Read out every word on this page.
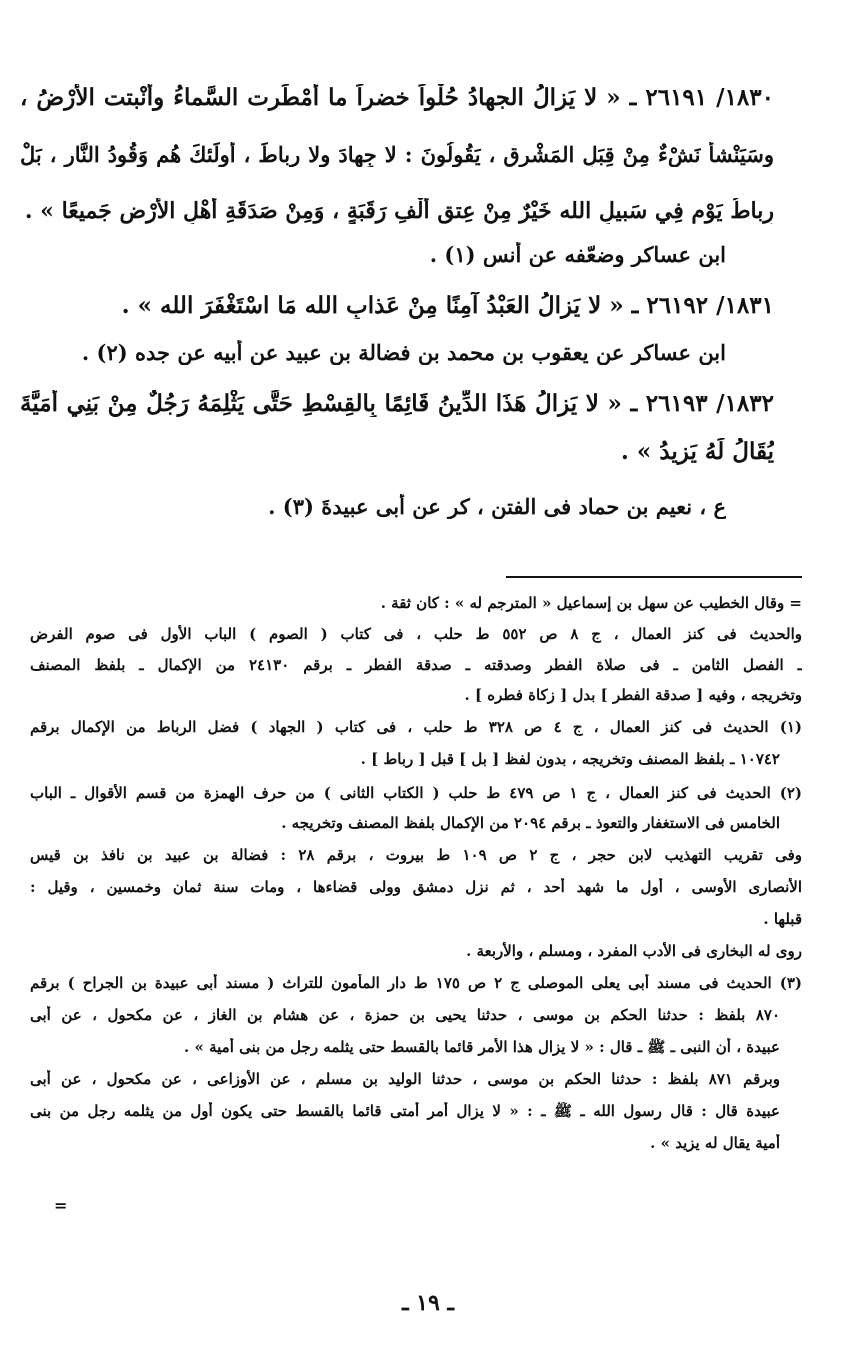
١٨٣٠/ ٢٦١٩١ ـ « لا يَزالُ الجهادُ حُلْواً خضراً ما أَمْطَرت السَّماءُ وأَنْبتت الأَرْضُ ،
وسَيَنْشأُ نَشْءٌ مِنْ قِبَلِ المَشْرِق ، يَقُولُونَ : لا جِهادَ ولا رِباطَ ، أُولَئكَ هُم وَقُودُ النَّار ، بَلْ
رِباطُ يَوْمٍ فِي سَبيلِ الله خَيْرٌ مِنْ عِتقِ أَلْفِ رَقَبَةٍ ، وَمِنْ صَدَقَةِ أَهْلِ الأَرْضِ جَميعًا » .
ابن عساكر وضعّفه عن أنس (١) .
١٨٣١/ ٢٦١٩٢ ـ « لا يَزالُ العَبْدُ آمِنًا مِنْ عَذابِ الله مَا اسْتَغْفَرَ الله » .
ابن عساكر عن يعقوب بن محمد بن فضالة بن عبيد عن أبيه عن جده (٢) .
١٨٣٢/ ٢٦١٩٣ ـ « لا يَزالُ هَذَا الدِّينُ قَائِمًا بِالقِسْطِ حَتَّى يَثْلِمَهُ رَجُلٌ مِنْ بَنِي أُمَيَّةَ
يُقَالُ لَهُ يَزيدُ » .
ع ، نعيم بن حماد فى الفتن ، كر عن أبى عبيدةَ (٣) .
= وقال الخطيب عن سهل بن إسماعيل « المترجم له » : كان ثقة .
والحديث فى كنز العمال ، ج ٨ ص ٥٥٢ ط حلب ، فى كتاب ( الصوم ) الباب الأول فى صوم الفرض
ـ الفصل الثامن ـ فى صلاة الفطر وصدقته ـ صدقة الفطر ـ برقم ٢٤١٣٠ من الإكمال ـ بلفظ المصنف
وتخريجه ، وفيه [ صدقة الفطر ] بدل [ زكاة فطره ] .
(١) الحديث فى كنز العمال ، ج ٤ ص ٣٢٨ ط حلب ، فى كتاب ( الجهاد ) فضل الرباط من الإكمال برقم
١٠٧٤٢ ـ بلفظ المصنف وتخريجه ، بدون لفظ [ بل ] قبل [ رباط ] .
(٢) الحديث فى كنز العمال ، ج ١ ص ٤٧٩ ط حلب ( الكتاب الثانى ) من حرف الهمزة من قسم الأقوال ـ الباب
الخامس فى الاستغفار والتعوذ ـ برقم ٢٠٩٤ من الإكمال بلفظ المصنف وتخريجه .
وفى تقريب التهذيب لابن حجر ، ج ٢ ص ١٠٩ ط بيروت ، برقم ٢٨ : فضالة بن عبيد بن نافذ بن قيس
الأنصارى الأوسى ، أول ما شهد أحد ، ثم نزل دمشق وولى قضاءها ، ومات سنة ثمان وخمسين ، وقيل :
قبلها .
روى له البخارى فى الأدب المفرد ، ومسلم ، والأربعة .
(٣) الحديث فى مسند أبى يعلى الموصلى ج ٢ ص ١٧٥ ط دار المأمون للتراث ( مسند أبى عبيدة بن الجراح ) برقم
٨٧٠ بلفظ : حدثنا الحكم بن موسى ، حدثنا يحيى بن حمزة ، عن هشام بن الغاز ، عن مكحول ، عن أبى
عبيدة ، أن النبى ـ ﷺ ـ قال : « لا يزال هذا الأمر قائما بالقسط حتى يثلمه رجل من بنى أمية » .
وبرقم ٨٧١ بلفظ : حدثنا الحكم بن موسى ، حدثنا الوليد بن مسلم ، عن الأوزاعى ، عن مكحول ، عن أبى
عبيدة قال : قال رسول الله ـ ﷺ ـ : « لا يزال أمر أمتى قائما بالقسط حتى يكون أول من يثلمه رجل من بنى
أمية يقال له يزيد » .
=
ـ ١٩ ـ
